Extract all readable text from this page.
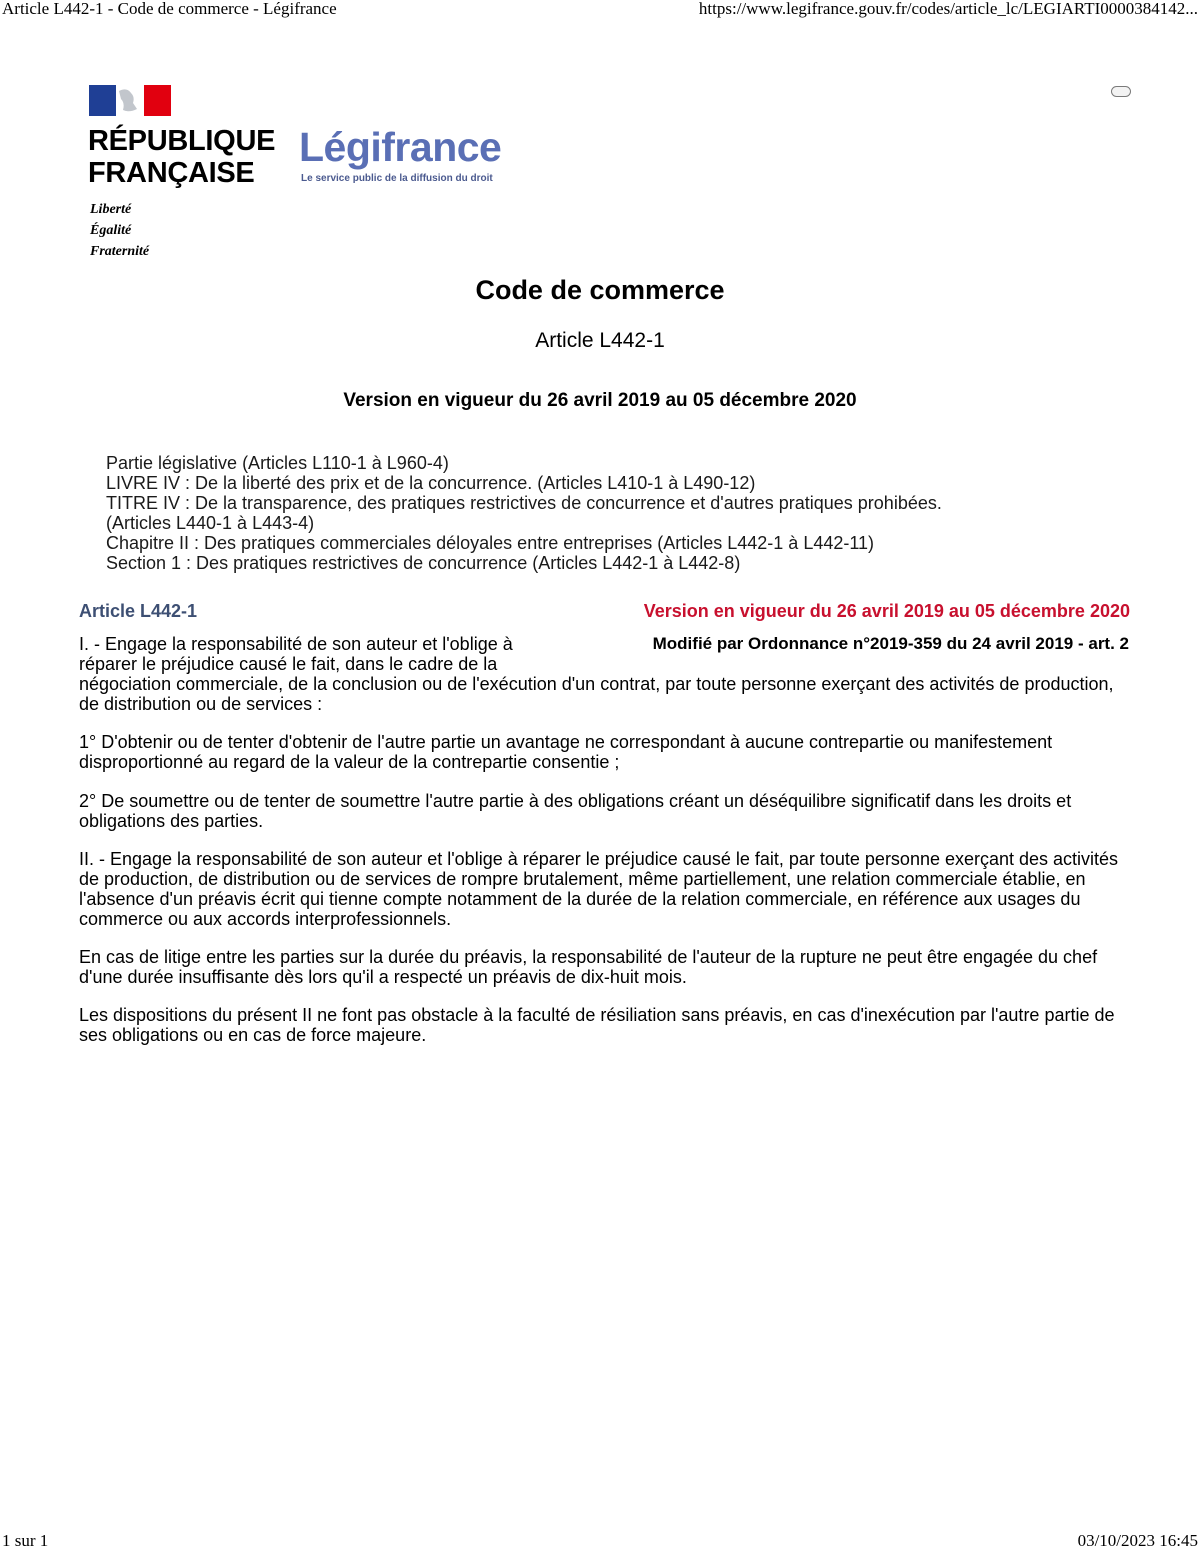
Article L442-1 - Code de commerce - Légifrance	https://www.legifrance.gouv.fr/codes/article_lc/LEGIARTI0000384142...
RÉPUBLIQUE
FRANÇAISE
Liberté
Égalité
Fraternité
Légifrance
Le service public de la diffusion du droit
Code de commerce
Article L442-1
Version en vigueur du 26 avril 2019 au 05 décembre 2020
Partie législative (Articles L110-1 à L960-4)
LIVRE IV : De la liberté des prix et de la concurrence. (Articles L410-1 à L490-12)
TITRE IV : De la transparence, des pratiques restrictives de concurrence et d'autres pratiques prohibées.
(Articles L440-1 à L443-4)
Chapitre II : Des pratiques commerciales déloyales entre entreprises (Articles L442-1 à L442-11)
Section 1 : Des pratiques restrictives de concurrence (Articles L442-1 à L442-8)
Article L442-1	Version en vigueur du 26 avril 2019 au 05 décembre 2020
Modifié par Ordonnance n°2019-359 du 24 avril 2019 - art. 2
I. - Engage la responsabilité de son auteur et l'oblige à réparer le préjudice causé le fait, dans le cadre de la
négociation commerciale, de la conclusion ou de l'exécution d'un contrat, par toute personne exerçant des activités de production, de distribution ou de services :
1° D'obtenir ou de tenter d'obtenir de l'autre partie un avantage ne correspondant à aucune contrepartie ou manifestement disproportionné au regard de la valeur de la contrepartie consentie ;
2° De soumettre ou de tenter de soumettre l'autre partie à des obligations créant un déséquilibre significatif dans les droits et obligations des parties.
II. - Engage la responsabilité de son auteur et l'oblige à réparer le préjudice causé le fait, par toute personne exerçant des activités de production, de distribution ou de services de rompre brutalement, même partiellement, une relation commerciale établie, en l'absence d'un préavis écrit qui tienne compte notamment de la durée de la relation commerciale, en référence aux usages du commerce ou aux accords interprofessionnels.
En cas de litige entre les parties sur la durée du préavis, la responsabilité de l'auteur de la rupture ne peut être engagée du chef d'une durée insuffisante dès lors qu'il a respecté un préavis de dix-huit mois.
Les dispositions du présent II ne font pas obstacle à la faculté de résiliation sans préavis, en cas d'inexécution par l'autre partie de ses obligations ou en cas de force majeure.
1 sur 1	03/10/2023 16:45
